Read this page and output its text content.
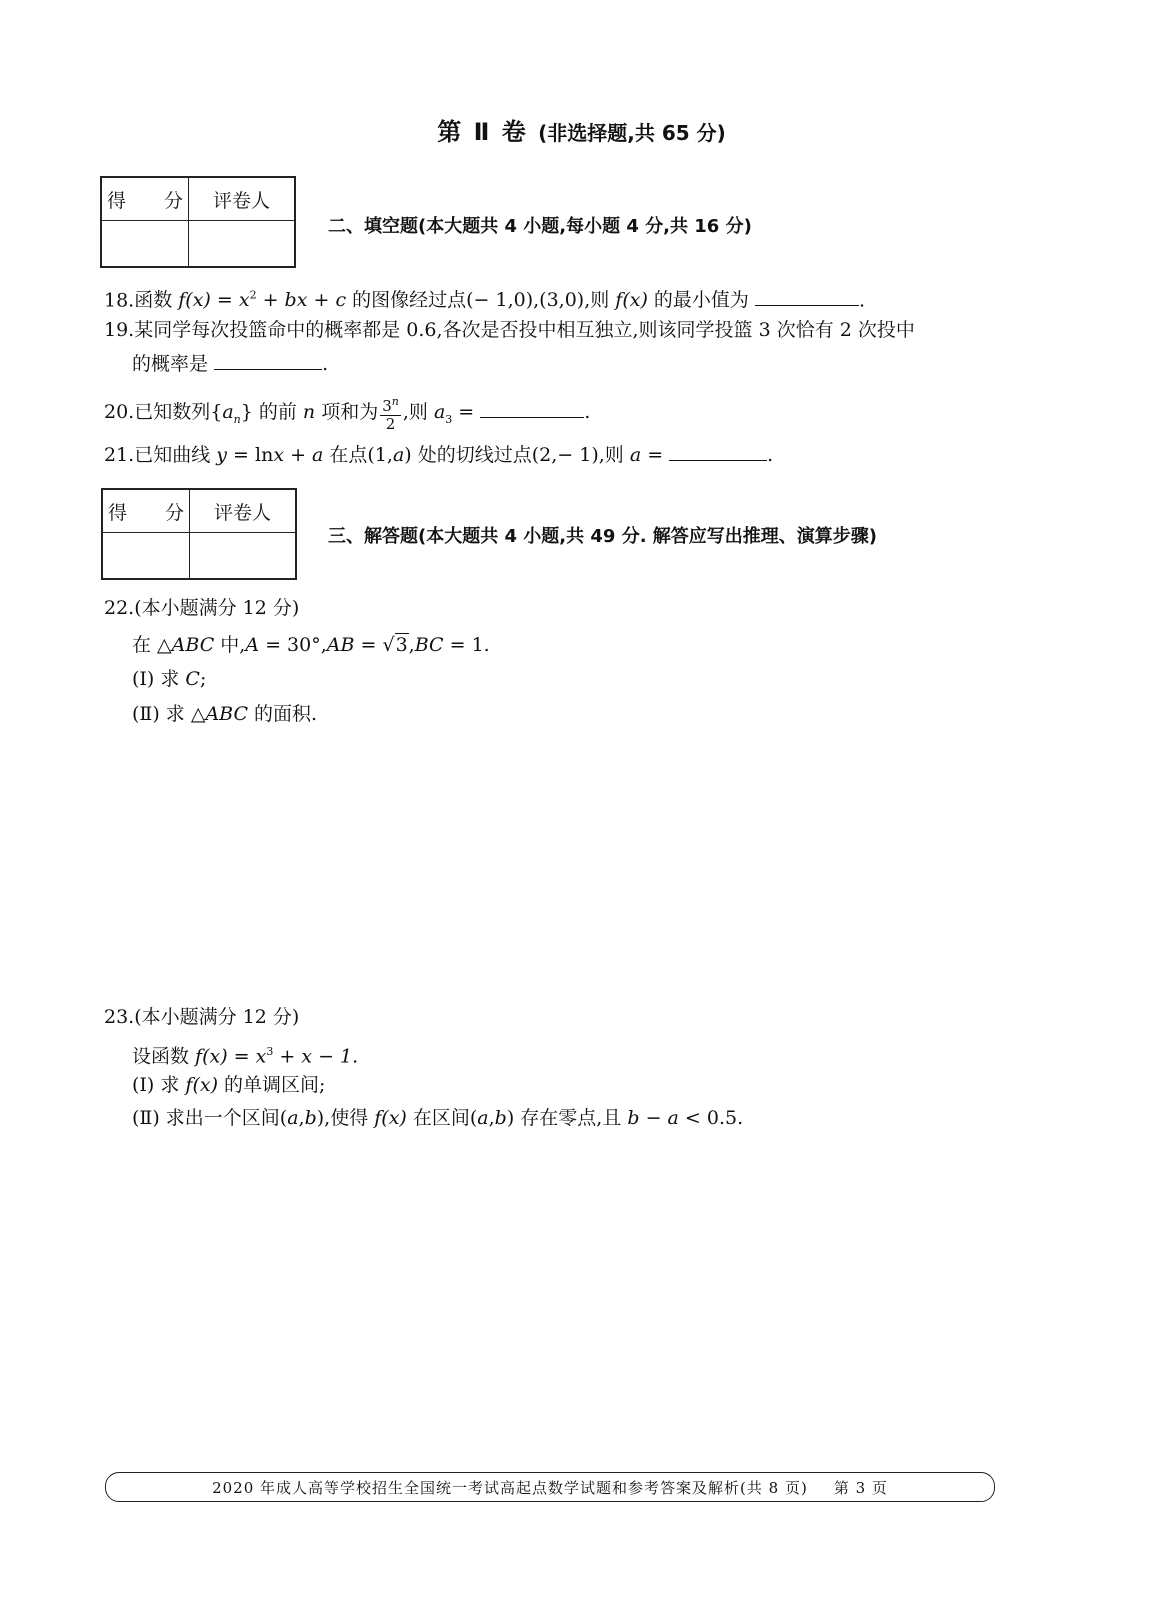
第 Ⅱ 卷 (非选择题,共 65 分)
得　　分	评卷人

二、填空题(本大题共 4 小题,每小题 4 分,共 16 分)
18.函数 $f(x) = x^2$ + bx + c 的图像经过点(− 1,0),(3,0),则 f(x) 的最小值为	.
19.某同学每次投篮命中的概率都是 0.6,各次是否投中相互独立,则该同学投篮 3 次恰有 2 次投中
的概率是	.
20.已知数列$\{a_n\}$ 的前 n 项和为 $\frac{3^n}{2}$ ,则 $a_3$ =	.
21.已知曲线 y = lnx + a 在点(1,a) 处的切线过点(2,− 1),则 a =	.
得　　分	评卷人

三、解答题(本大题共 4 小题,共 49 分. 解答应写出推理、演算步骤)
22.(本小题满分 12 分)
在 △ABC 中,A = 30°,AB = √3,BC = 1.
(Ⅰ) 求 C;
(Ⅱ) 求 △ABC 的面积.
23.(本小题满分 12 分)
设函数 $f(x) = x^3 + x - 1$.
(Ⅰ) 求 f(x) 的单调区间;
(Ⅱ) 求出一个区间(a,b),使得 f(x) 在区间(a,b) 存在零点,且 b − a < 0.5.
2020 年成人高等学校招生全国统一考试高起点数学试题和参考答案及解析(共 8 页) 第 3 页
